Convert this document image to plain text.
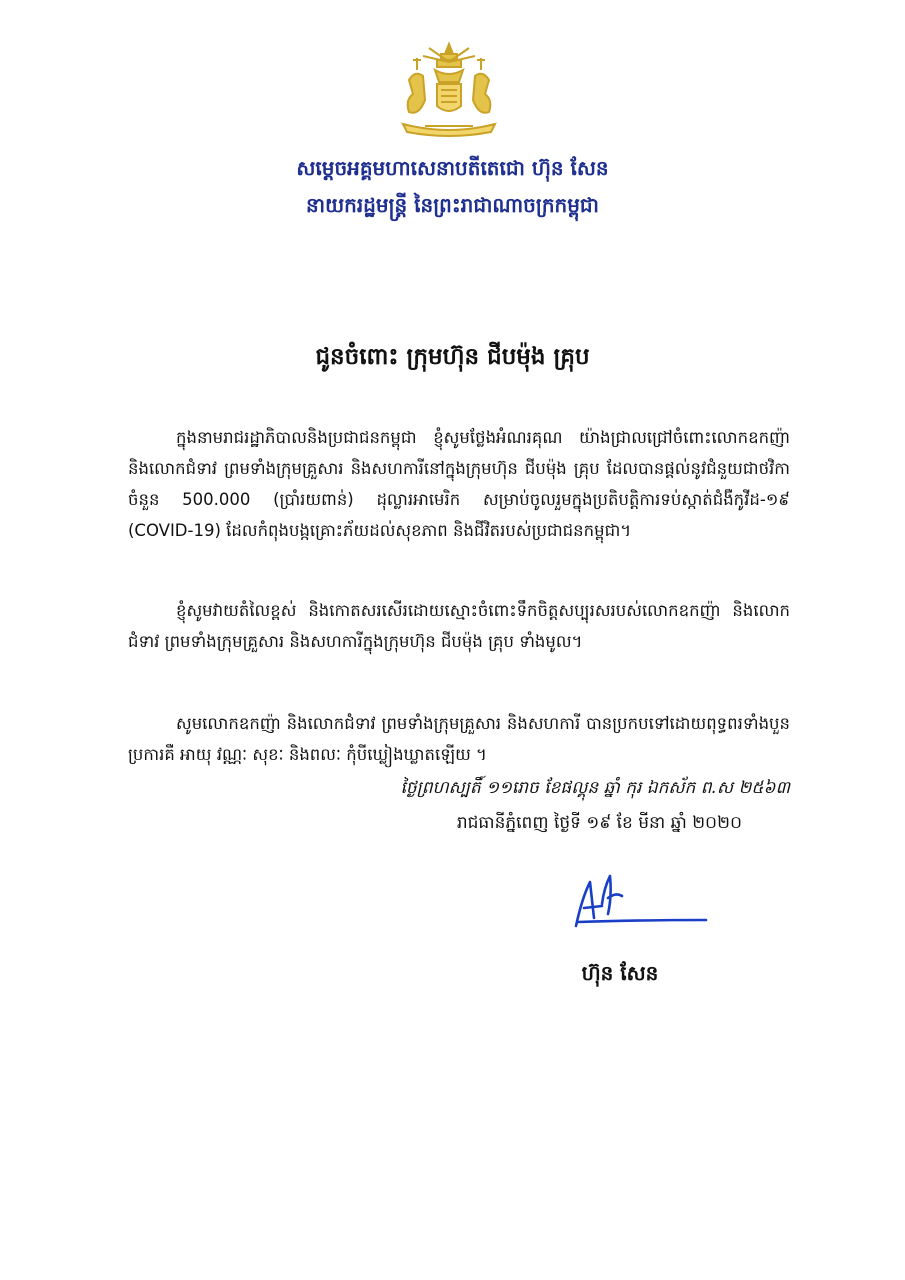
សម្ដេចអគ្គមហាសេនាបតីតេជោ ហ៊ុន សែន
នាយករដ្ឋមន្ត្រី នៃព្រះរាជាណាចក្រកម្ពុជា
ជូនចំពោះ ក្រុមហ៊ុន ជីបម៉ុង គ្រុប

ក្នុងនាមរាជរដ្ឋាភិបាលនិងប្រជាជនកម្ពុជា ខ្ញុំសូមថ្លែងអំណរគុណ យ៉ាងជ្រាលជ្រៅចំពោះលោកឧកញ៉ា និងលោកជំទាវ ព្រមទាំងក្រុមគ្រួសារ និងសហការីនៅក្នុងក្រុមហ៊ុន ជីបម៉ុង គ្រុប ដែលបានផ្ដល់នូវជំនួយជាថវិកាចំនួន 500.000 (ប្រាំរយពាន់) ដុល្លារអាមេរិក សម្រាប់ចូលរួមក្នុងប្រតិបត្តិការទប់ស្កាត់ជំងឺកូវីដ-១៩ (COVID-19) ដែលកំពុងបង្កគ្រោះភ័យដល់សុខភាព និងជីវិតរបស់ប្រជាជនកម្ពុជា។

ខ្ញុំសូមវាយតំលៃខ្ពស់ និងកោតសរសើរដោយស្មោះចំពោះទឹកចិត្តសប្បុរសរបស់លោកឧកញ៉ា និងលោកជំទាវ ព្រមទាំងក្រុមគ្រួសារ និងសហការីក្នុងក្រុមហ៊ុន ជីបម៉ុង គ្រុប ទាំងមូល។

សូមលោកឧកញ៉ា និងលោកជំទាវ ព្រមទាំងក្រុមគ្រួសារ និងសហការី បានប្រកបទៅដោយពុទ្ធពរទាំងបួនប្រការគឺ អាយុ វណ្ណៈ សុខៈ និងពលៈ កុំបីឃ្លៀងឃ្លាតឡើយ ។

ថ្ងៃព្រហស្បតិ៍ ១១រោច ខែផល្គុន ឆ្នាំ កុរ ឯកស័ក ព.ស ២៥៦៣
រាជធានីភ្នំពេញ ថ្ងៃទី ១៩ ខែ មីនា ឆ្នាំ ២០២០
ហ៊ុន សែន
